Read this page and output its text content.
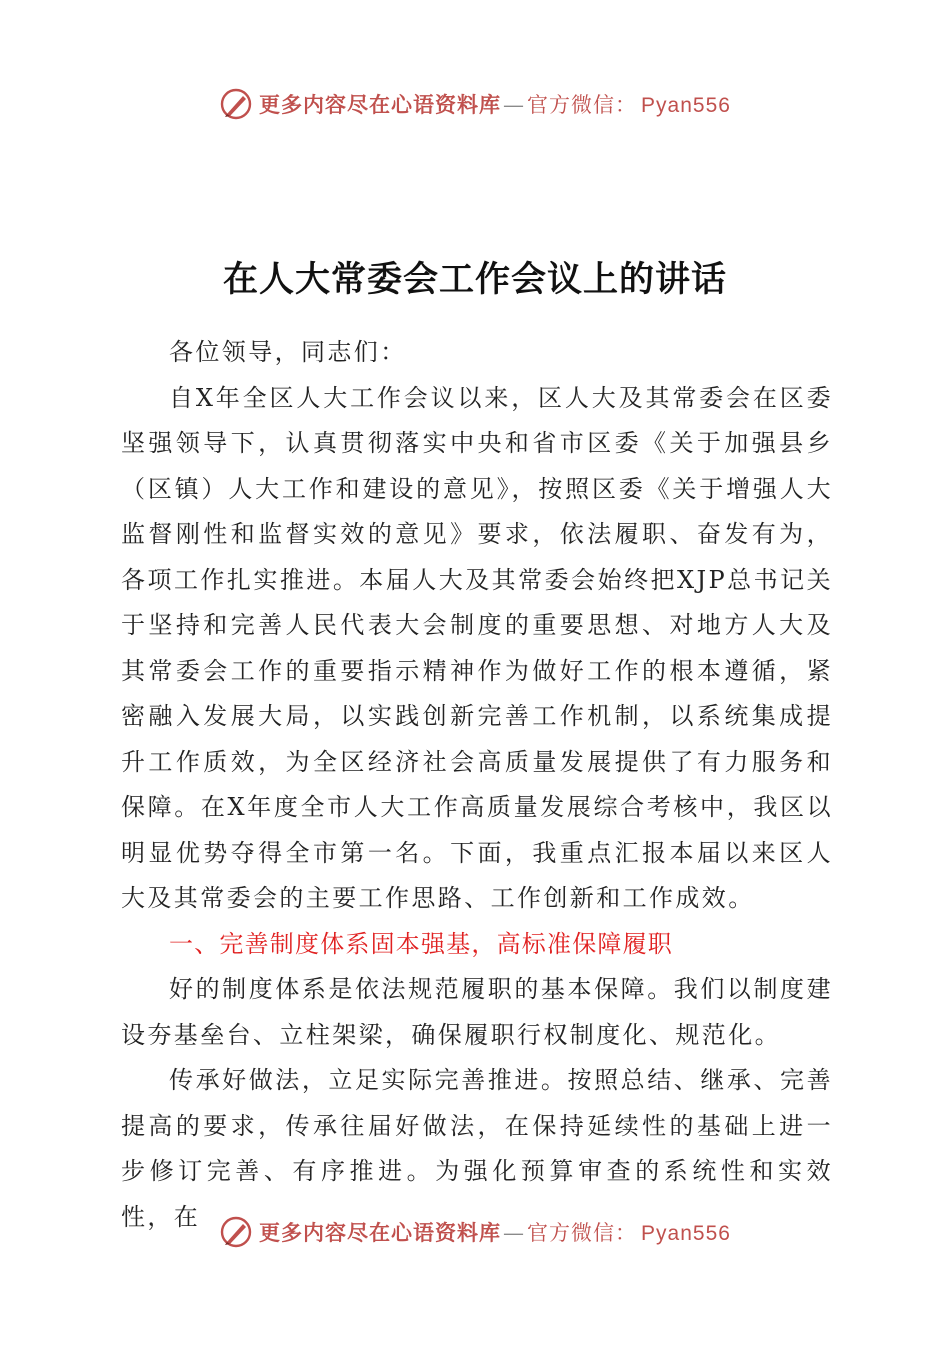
更多内容尽在心语资料库—官方微信： Pyan556
在人大常委会工作会议上的讲话

各位领导，同志们：

自X年全区人大工作会议以来，区人大及其常委会在区委坚强领导下，认真贯彻落实中央和省市区委《关于加强县乡（区镇）人大工作和建设的意见》，按照区委《关于增强人大监督刚性和监督实效的意见》要求，依法履职、奋发有为，各项工作扎实推进。本届人大及其常委会始终把XJP总书记关于坚持和完善人民代表大会制度的重要思想、对地方人大及其常委会工作的重要指示精神作为做好工作的根本遵循，紧密融入发展大局，以实践创新完善工作机制，以系统集成提升工作质效，为全区经济社会高质量发展提供了有力服务和保障。在X年度全市人大工作高质量发展综合考核中，我区以明显优势夺得全市第一名。下面，我重点汇报本届以来区人大及其常委会的主要工作思路、工作创新和工作成效。

一、完善制度体系固本强基，高标准保障履职

好的制度体系是依法规范履职的基本保障。我们以制度建设夯基垒台、立柱架梁，确保履职行权制度化、规范化。

传承好做法，立足实际完善推进。按照总结、继承、完善提高的要求，传承往届好做法，在保持延续性的基础上进一步修订完善、有序推进。为强化预算审查的系统性和实效性，在

更多内容尽在心语资料库—官方微信： Pyan556
